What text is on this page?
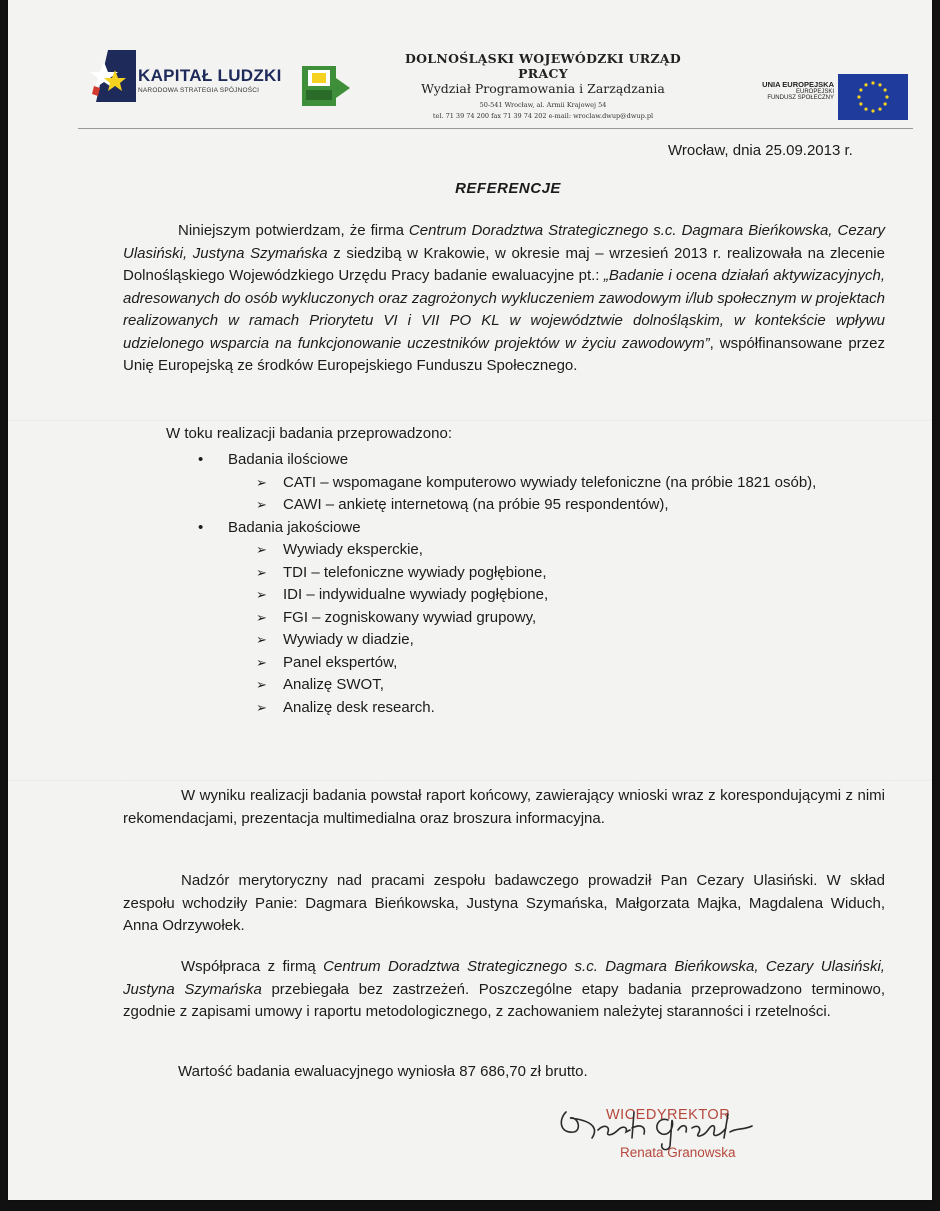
KAPITAŁ LUDZKI
NARODOWA STRATEGIA SPÓJNOŚCI
DOLNOŚLĄSKI WOJEWÓDZKI URZĄD PRACY
Wydział Programowania i Zarządzania
50-541 Wrocław, al. Armii Krajowej 54
tel. 71 39 74 200 fax 71 39 74 202 e-mail: wroclaw.dwup@dwup.pl
UNIA EUROPEJSKA
EUROPEJSKI
FUNDUSZ SPOŁECZNY
Wrocław, dnia 25.09.2013 r.
REFERENCJE
Niniejszym potwierdzam, że firma Centrum Doradztwa Strategicznego s.c. Dagmara Bieńkowska, Cezary Ulasiński, Justyna Szymańska z siedzibą w Krakowie, w okresie maj – wrzesień 2013 r. realizowała na zlecenie Dolnośląskiego Wojewódzkiego Urzędu Pracy badanie ewaluacyjne pt.: „Badanie i ocena działań aktywizacyjnych, adresowanych do osób wykluczonych oraz zagrożonych wykluczeniem zawodowym i/lub społecznym w projektach realizowanych w ramach Priorytetu VI i VII PO KL w województwie dolnośląskim, w kontekście wpływu udzielonego wsparcia na funkcjonowanie uczestników projektów w życiu zawodowym”, współfinansowane przez Unię Europejską ze środków Europejskiego Funduszu Społecznego.
W toku realizacji badania przeprowadzono:
• Badania ilościowe
➢ CATI – wspomagane komputerowo wywiady telefoniczne (na próbie 1821 osób),
➢ CAWI – ankietę internetową (na próbie 95 respondentów),
• Badania jakościowe
➢ Wywiady eksperckie,
➢ TDI – telefoniczne wywiady pogłębione,
➢ IDI – indywidualne wywiady pogłębione,
➢ FGI – zogniskowany wywiad grupowy,
➢ Wywiady w diadzie,
➢ Panel ekspertów,
➢ Analizę SWOT,
➢ Analizę desk research.
W wyniku realizacji badania powstał raport końcowy, zawierający wnioski wraz z korespondującymi z nimi rekomendacjami, prezentacja multimedialna oraz broszura informacyjna.
Nadzór merytoryczny nad pracami zespołu badawczego prowadził Pan Cezary Ulasiński. W skład zespołu wchodziły Panie: Dagmara Bieńkowska, Justyna Szymańska, Małgorzata Majka, Magdalena Widuch, Anna Odrzywołek.
Współpraca z firmą Centrum Doradztwa Strategicznego s.c. Dagmara Bieńkowska, Cezary Ulasiński, Justyna Szymańska przebiegała bez zastrzeżeń. Poszczególne etapy badania przeprowadzono terminowo, zgodnie z zapisami umowy i raportu metodologicznego, z zachowaniem należytej staranności i rzetelności.
Wartość badania ewaluacyjnego wyniosła 87 686,70 zł brutto.
WICEDYREKTOR
Renata Granowska
